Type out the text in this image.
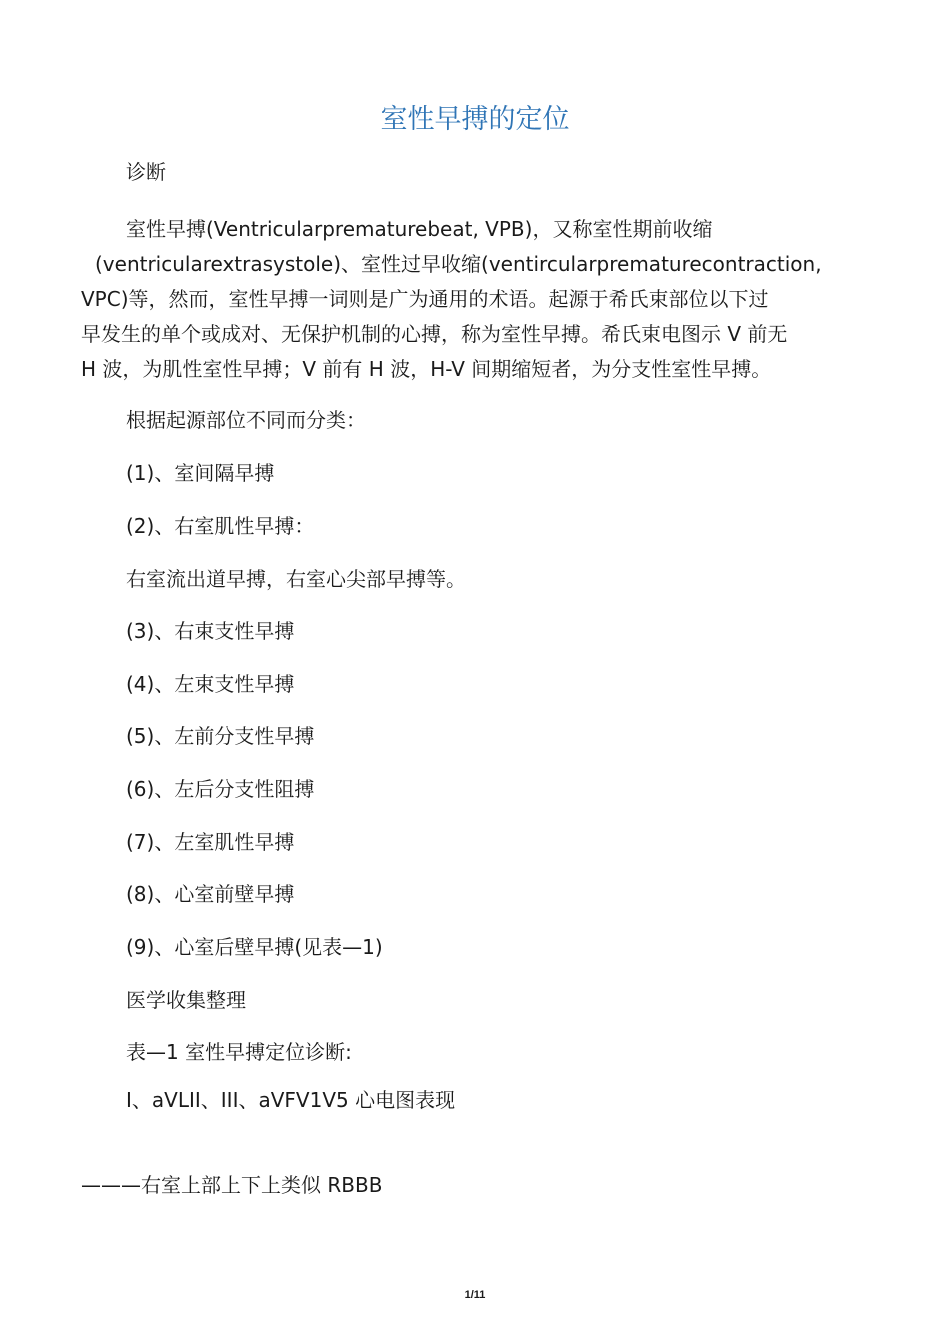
室性早搏的定位
诊断
室性早搏(Ventricularprematurebeat, VPB)，又称室性期前收缩
(ventricularextrasystole)、室性过早收缩(ventircularprematurecontraction,
VPC)等，然而，室性早搏一词则是广为通用的术语。起源于希氏束部位以下过
早发生的单个或成对、无保护机制的心搏，称为室性早搏。希氏束电图示 V 前无
H 波，为肌性室性早搏；V 前有 H 波，H-V 间期缩短者，为分支性室性早搏。
根据起源部位不同而分类：
(1)、室间隔早搏
(2)、右室肌性早搏：
右室流出道早搏，右室心尖部早搏等。
(3)、右束支性早搏
(4)、左束支性早搏
(5)、左前分支性早搏
(6)、左后分支性阻搏
(7)、左室肌性早搏
(8)、心室前壁早搏
(9)、心室后壁早搏(见表—1)
医学收集整理
表—1 室性早搏定位诊断:
I、aVLII、III、aVFV1V5 心电图表现
———右室上部上下上类似 RBBB
1/11
